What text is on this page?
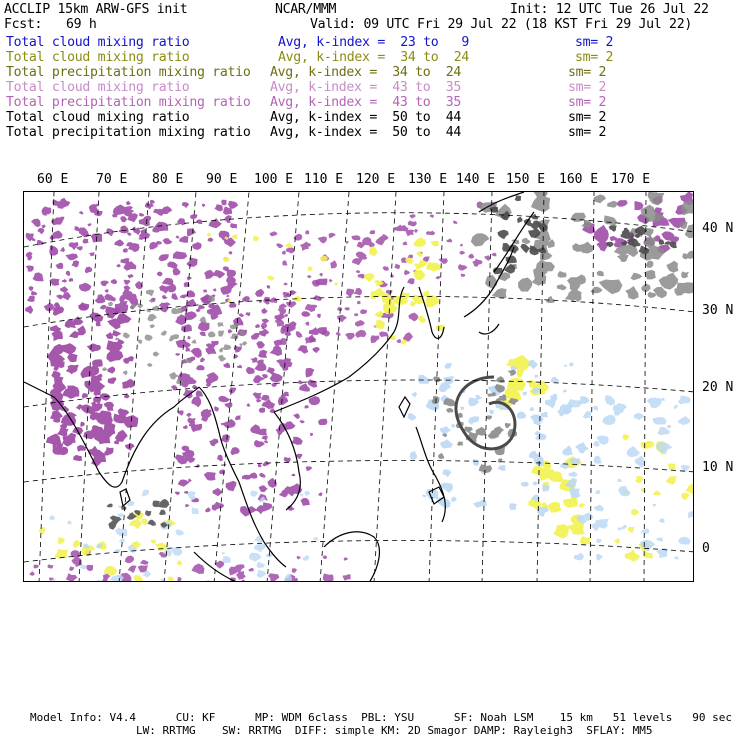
ACCLIP 15km ARW-GFS init	NCAR/MMM	Init: 12 UTC Tue 26 Jul 22
Fcst: 69 h	Valid: 09 UTC Fri 29 Jul 22 (18 KST Fri 29 Jul 22)
Total cloud mixing ratio	Avg, k-index =  23 to   9	sm= 2
Total cloud mixing ratio	Avg, k-index =  34 to  24	sm= 2
Total precipitation mixing ratio Avg, k-index =  34 to  24	sm= 2
Total cloud mixing ratio	Avg, k-index =  43 to  35	sm= 2
Total precipitation mixing ratio Avg, k-index =  43 to  35	sm= 2
Total cloud mixing ratio	Avg, k-index =  50 to  44	sm= 2
Total precipitation mixing ratio Avg, k-index =  50 to  44	sm= 2
60 E 70 E 80 E 90 E 100 E 110 E 120 E 130 E 140 E 150 E 160 E 170 E
40 N
30 N
20 N
10 N
0
Model Info: V4.4      CU: KF      MP: WDM 6class  PBL: YSU      SF: Noah LSM    15 km   51 levels   90 sec
LW: RRTMG    SW: RRTMG  DIFF: simple KM: 2D Smagor DAMP: Rayleigh3  SFLAY: MM5
